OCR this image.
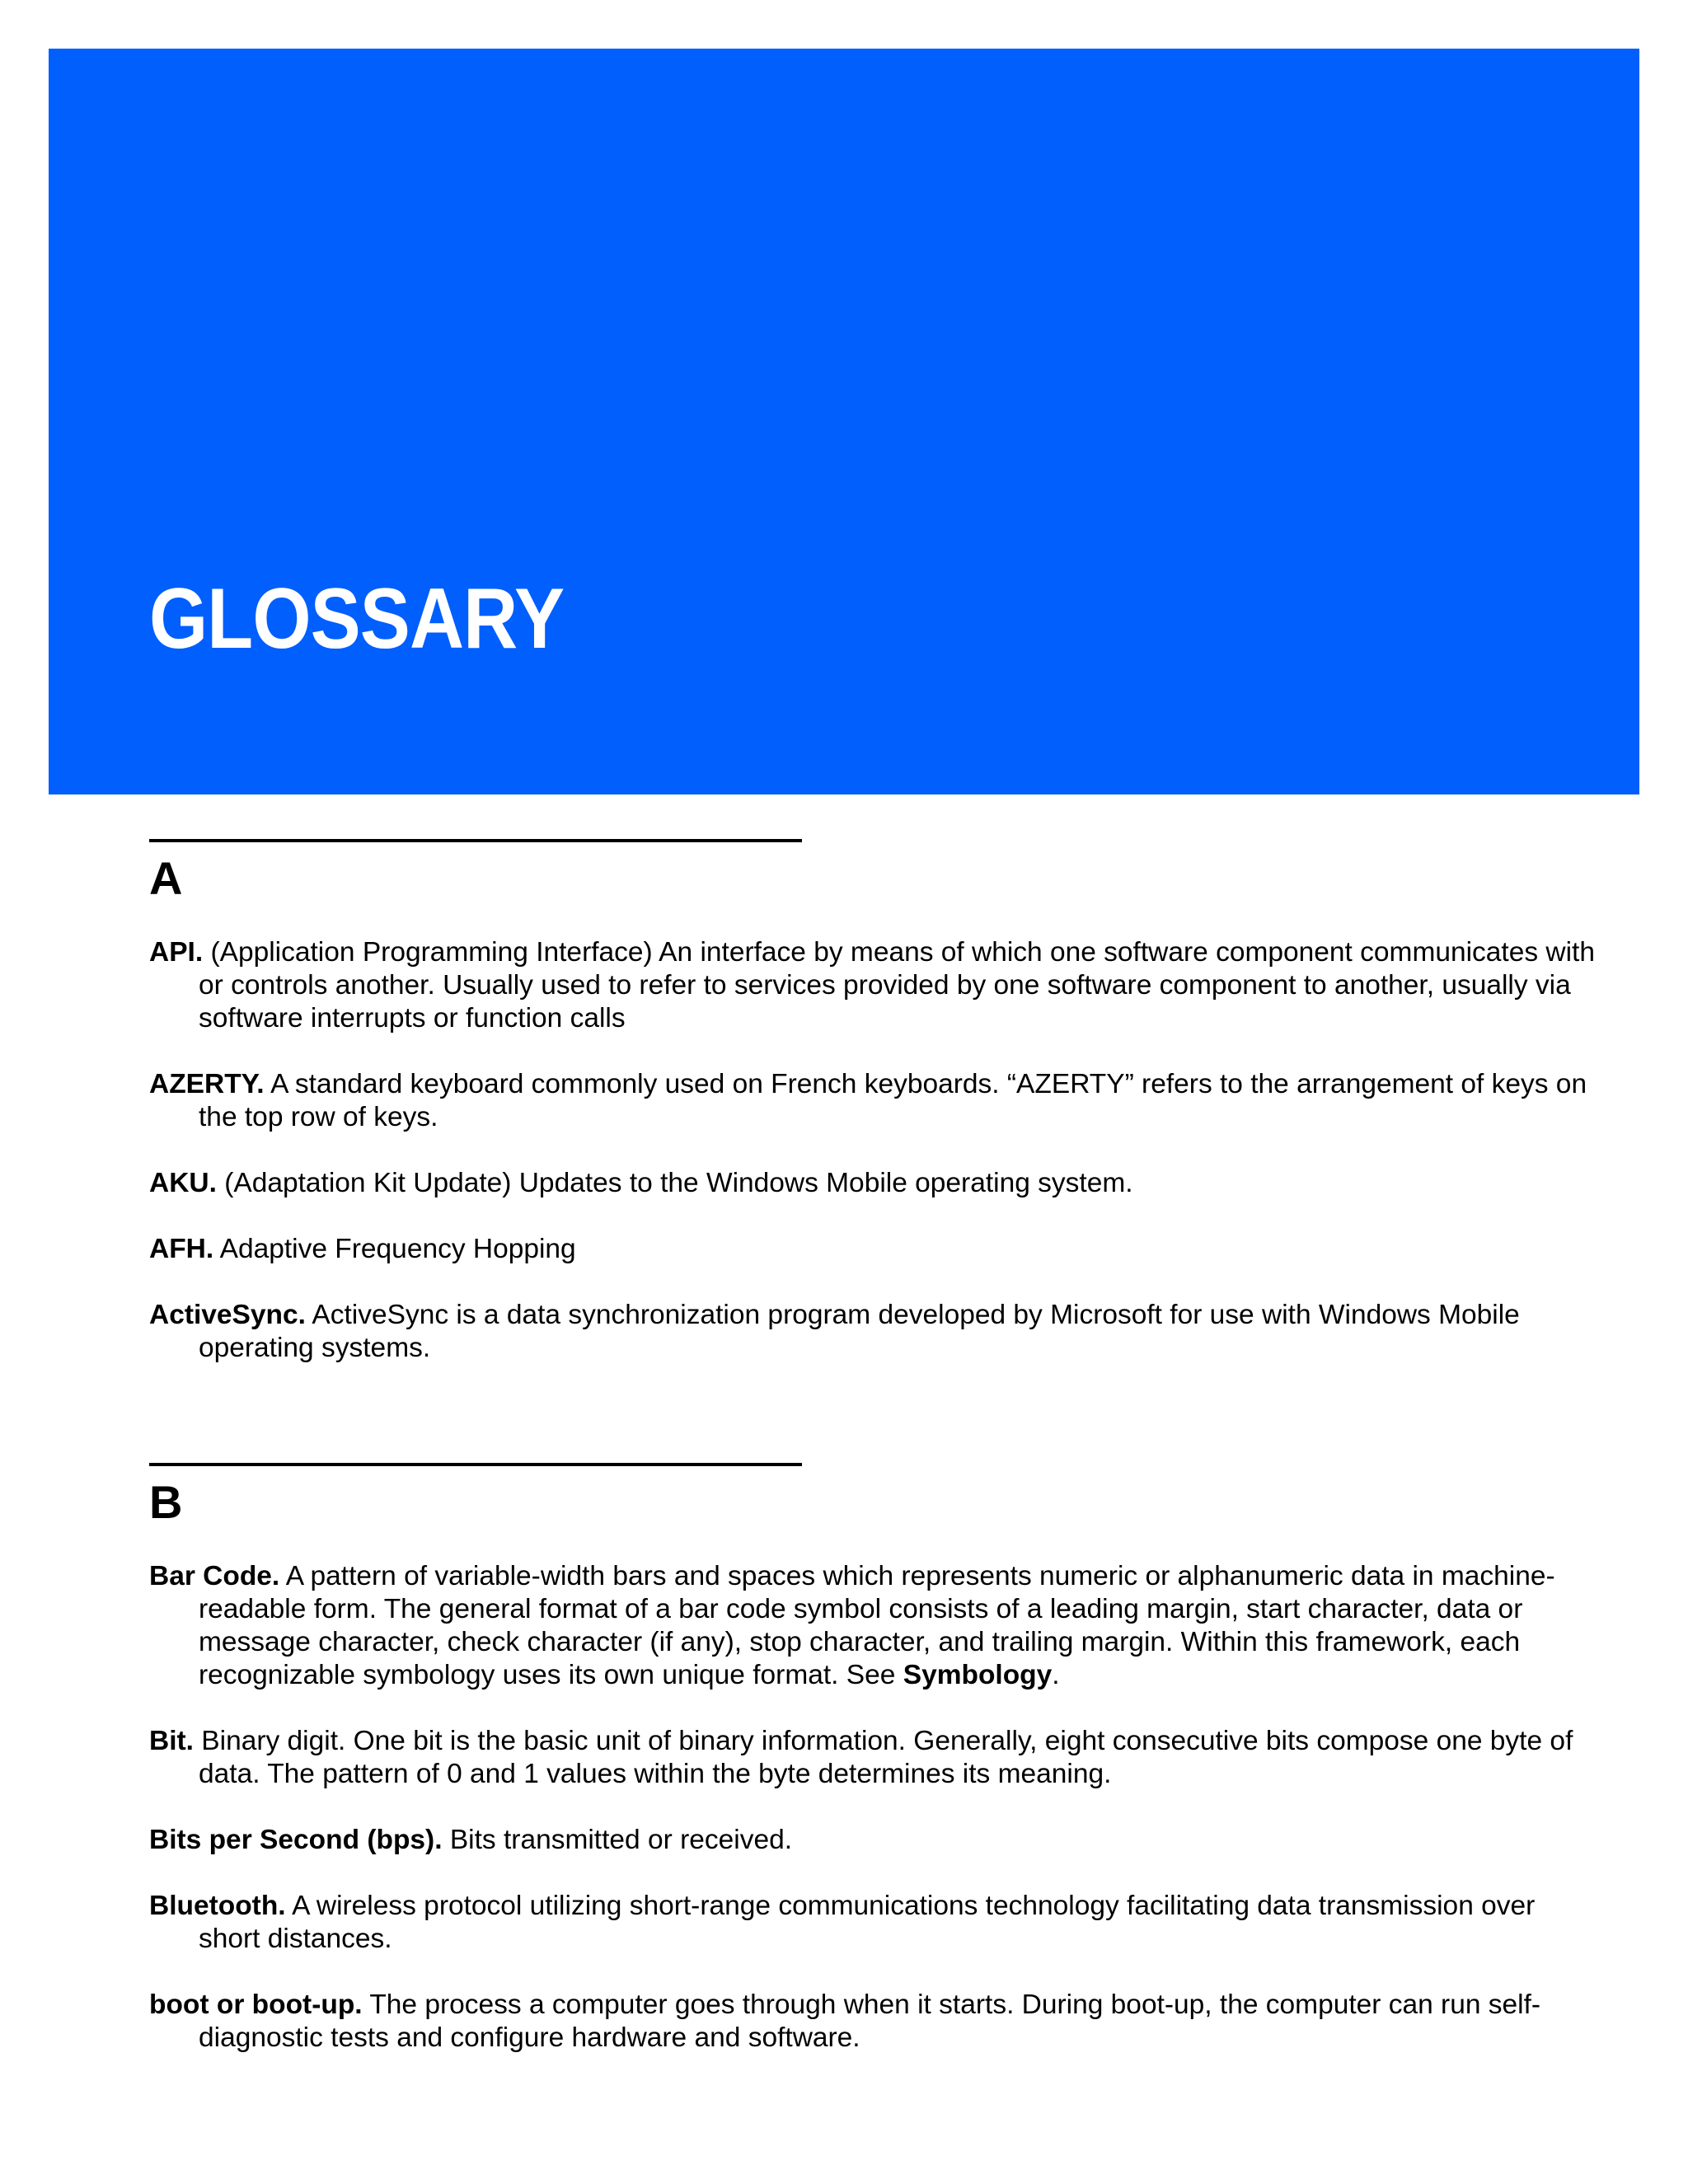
GLOSSARY
A

API. (Application Programming Interface) An interface by means of which one software component communicates with or controls another. Usually used to refer to services provided by one software component to another, usually via software interrupts or function calls

AZERTY. A standard keyboard commonly used on French keyboards. “AZERTY” refers to the arrangement of keys on the top row of keys.

AKU. (Adaptation Kit Update) Updates to the Windows Mobile operating system.

AFH. Adaptive Frequency Hopping

ActiveSync. ActiveSync is a data synchronization program developed by Microsoft for use with Windows Mobile operating systems.

B

Bar Code. A pattern of variable-width bars and spaces which represents numeric or alphanumeric data in machine-readable form. The general format of a bar code symbol consists of a leading margin, start character, data or message character, check character (if any), stop character, and trailing margin. Within this framework, each recognizable symbology uses its own unique format. See Symbology.

Bit. Binary digit. One bit is the basic unit of binary information. Generally, eight consecutive bits compose one byte of data. The pattern of 0 and 1 values within the byte determines its meaning.

Bits per Second (bps). Bits transmitted or received.

Bluetooth. A wireless protocol utilizing short-range communications technology facilitating data transmission over short distances.

boot or boot-up. The process a computer goes through when it starts. During boot-up, the computer can run self-diagnostic tests and configure hardware and software.
